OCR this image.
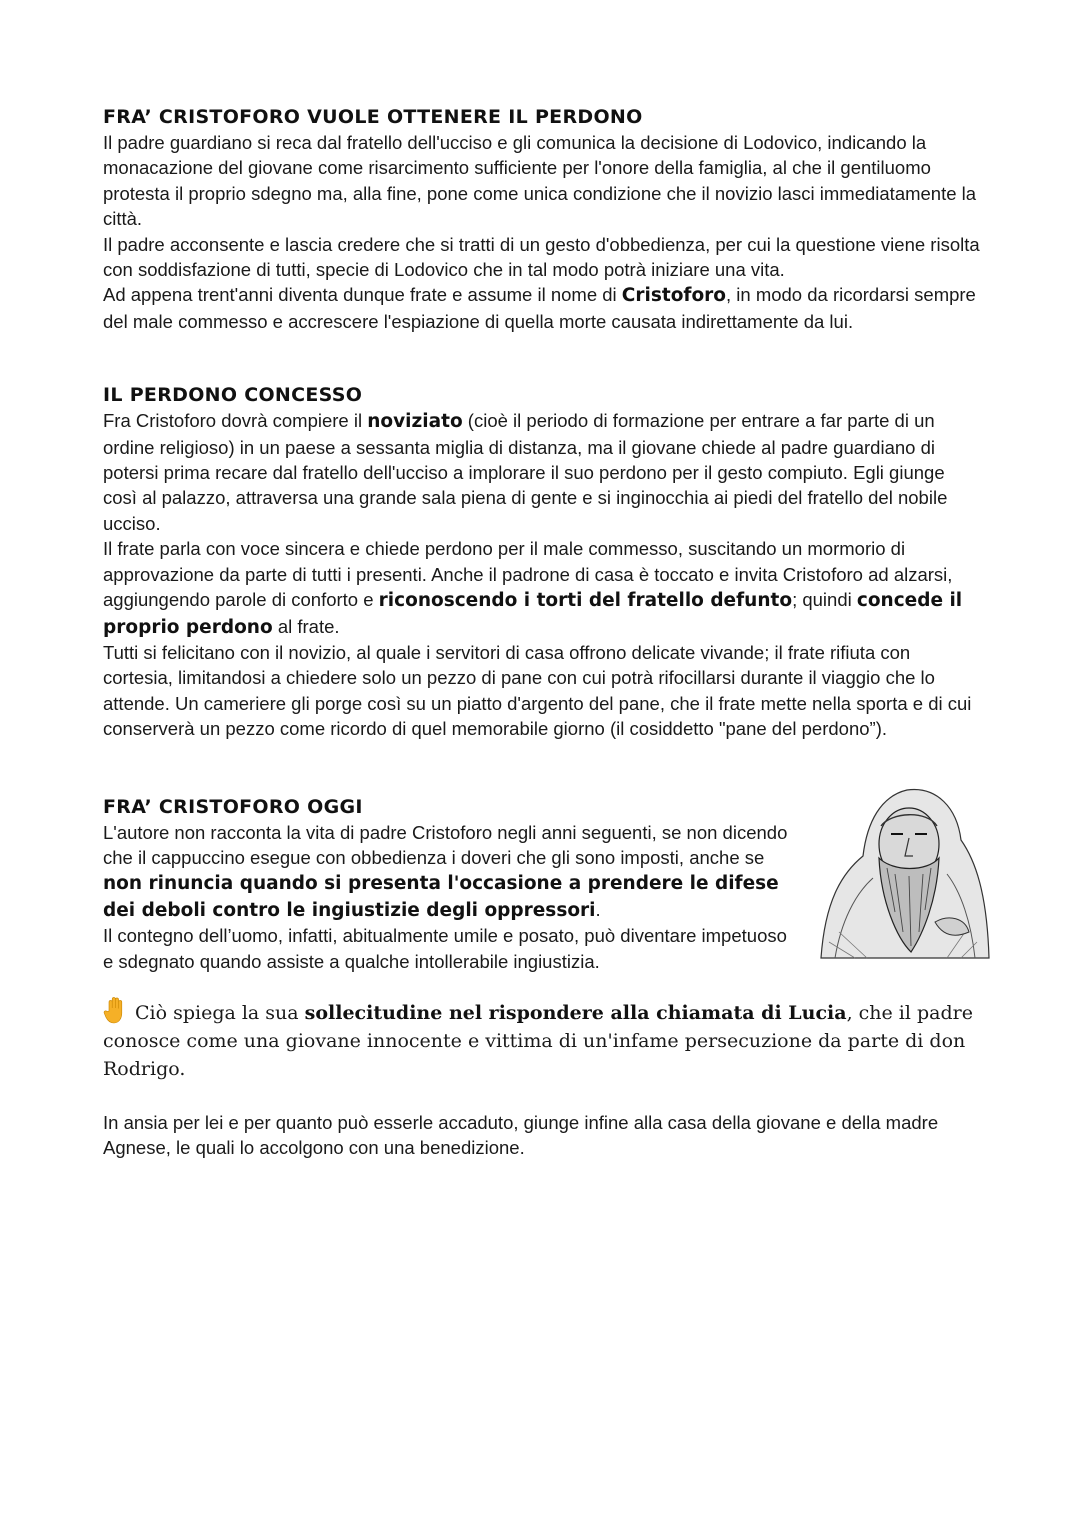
FRA’ CRISTOFORO VUOLE OTTENERE IL PERDONO

Il padre guardiano si reca dal fratello dell'ucciso e gli comunica la decisione di Lodovico, indicando la monacazione del giovane come risarcimento sufficiente per l'onore della famiglia, al che il gentiluomo protesta il proprio sdegno ma, alla fine, pone come unica condizione che il novizio lasci immediatamente la città.

Il padre acconsente e lascia credere che si tratti di un gesto d'obbedienza, per cui la questione viene risolta con soddisfazione di tutti, specie di Lodovico che in tal modo potrà iniziare una vita.

Ad appena trent'anni diventa dunque frate e assume il nome di Cristoforo, in modo da ricordarsi sempre del male commesso e accrescere l'espiazione di quella morte causata indirettamente da lui.

IL PERDONO CONCESSO

Fra Cristoforo dovrà compiere il noviziato (cioè il periodo di formazione per entrare a far parte di un ordine religioso) in un paese a sessanta miglia di distanza, ma il giovane chiede al padre guardiano di potersi prima recare dal fratello dell'ucciso a implorare il suo perdono per il gesto compiuto. Egli giunge così al palazzo, attraversa una grande sala piena di gente e si inginocchia ai piedi del fratello del nobile ucciso.

Il frate parla con voce sincera e chiede perdono per il male commesso, suscitando un mormorio di approvazione da parte di tutti i presenti. Anche il padrone di casa è toccato e invita Cristoforo ad alzarsi, aggiungendo parole di conforto e riconoscendo i torti del fratello defunto; quindi concede il proprio perdono al frate.

Tutti si felicitano con il novizio, al quale i servitori di casa offrono delicate vivande; il frate rifiuta con cortesia, limitandosi a chiedere solo un pezzo di pane con cui potrà rifocillarsi durante il viaggio che lo attende. Un cameriere gli porge così su un piatto d'argento del pane, che il frate mette nella sporta e di cui conserverà un pezzo come ricordo di quel memorabile giorno (il cosiddetto "pane del perdono”).

FRA’ CRISTOFORO OGGI

L'autore non racconta la vita di padre Cristoforo negli anni seguenti, se non dicendo che il cappuccino esegue con obbedienza i doveri che gli sono imposti, anche se non rinuncia quando si presenta l'occasione a prendere le difese dei deboli contro le ingiustizie degli oppressori.

Il contegno dell’uomo, infatti, abitualmente umile e posato, può diventare impetuoso e sdegnato quando assiste a qualche intollerabile ingiustizia.

Ciò spiega la sua sollecitudine nel rispondere alla chiamata di Lucia, che il padre conosce come una giovane innocente e vittima di un'infame persecuzione da parte di don Rodrigo.

In ansia per lei e per quanto può esserle accaduto, giunge infine alla casa della giovane e della madre Agnese, le quali lo accolgono con una benedizione.
